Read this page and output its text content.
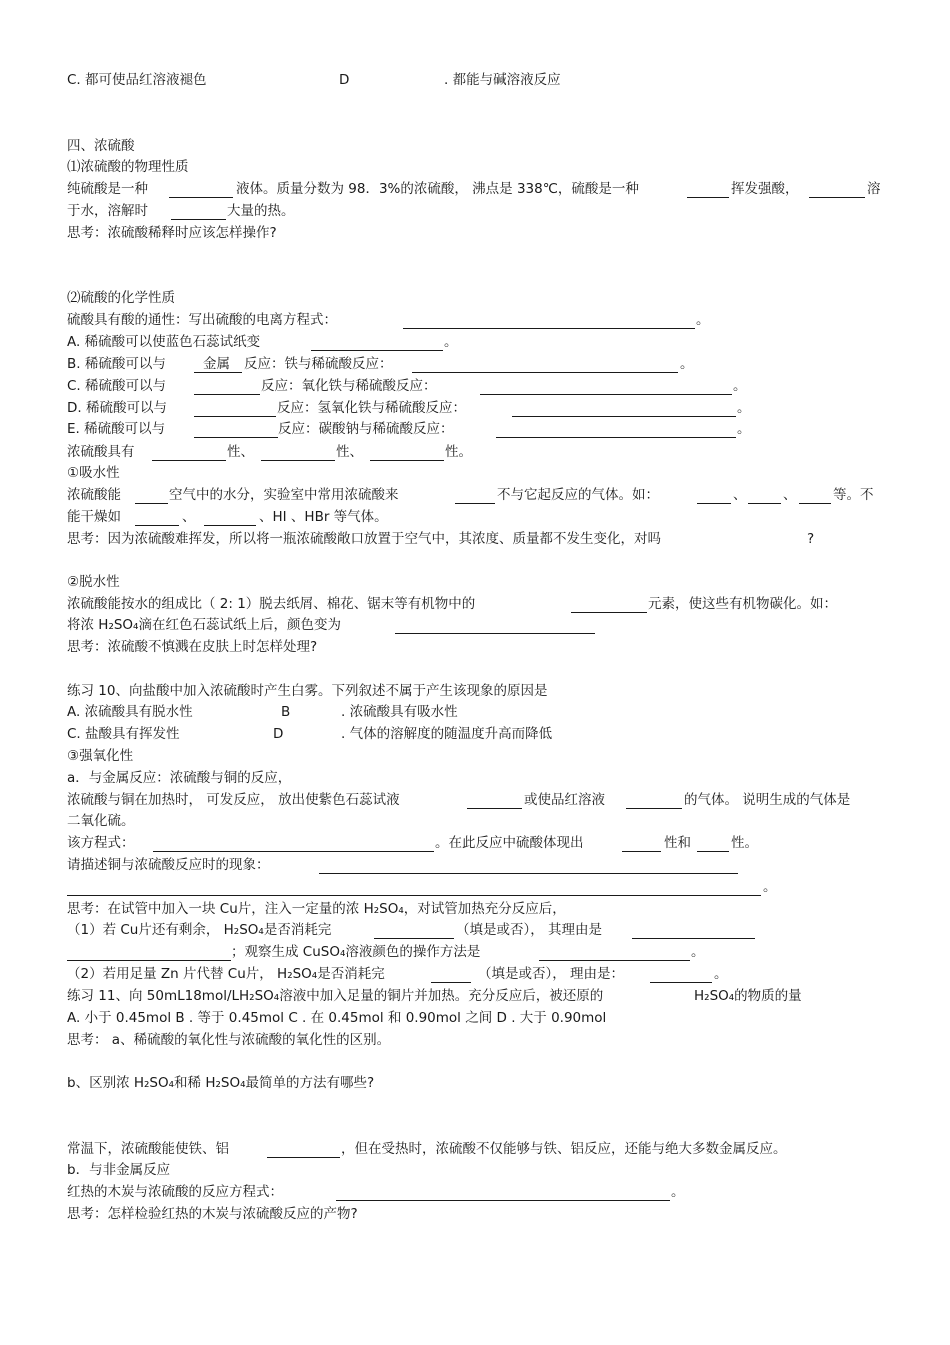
C. 都可使品红溶液褪色	D	. 都能与碱溶液反应
四、浓硫酸
⑴浓硫酸的物理性质
纯硫酸是一种	液体。质量分数为 98．3%的浓硫酸， 沸点是 338℃，硫酸是一种	挥发强酸，	溶
于水，溶解时	大量的热。
思考：浓硫酸稀释时应该怎样操作?
⑵硫酸的化学性质
硫酸具有酸的通性：写出硫酸的电离方程式：	。
A. 稀硫酸可以使蓝色石蕊试纸变	。
B. 稀硫酸可以与	金属 反应：铁与稀硫酸反应：	。
C. 稀硫酸可以与	反应：氧化铁与稀硫酸反应：	。
D. 稀硫酸可以与	反应：氢氧化铁与稀硫酸反应：	。
E. 稀硫酸可以与	反应：碳酸钠与稀硫酸反应：	。
浓硫酸具有	性、	性、	性。
①吸水性
浓硫酸能	空气中的水分，实验室中常用浓硫酸来	不与它起反应的气体。如：	、	、	等。不
能干燥如	、	、HI 、HBr 等气体。
思考：因为浓硫酸难挥发，所以将一瓶浓硫酸敞口放置于空气中，其浓度、质量都不发生变化，对吗	?
②脱水性
浓硫酸能按水的组成比（ 2: 1）脱去纸屑、棉花、锯末等有机物中的	元素，使这些有机物碳化。如：
将浓 H₂SO₄滴在红色石蕊试纸上后，颜色变为
思考：浓硫酸不慎溅在皮肤上时怎样处理?
练习 10、向盐酸中加入浓硫酸时产生白雾。下列叙述不属于产生该现象的原因是
A. 浓硫酸具有脱水性	B	. 浓硫酸具有吸水性
C. 盐酸具有挥发性	D	. 气体的溶解度的随温度升高而降低
③强氧化性
a．与金属反应：浓硫酸与铜的反应，
浓硫酸与铜在加热时， 可发反应， 放出使紫色石蕊试液	或使品红溶液	的气体。 说明生成的气体是
二氧化硫。
该方程式：	。在此反应中硫酸体现出	性和	性。
请描述铜与浓硫酸反应时的现象：
。
思考：在试管中加入一块 Cu片，注入一定量的浓 H₂SO₄，对试管加热充分反应后，
（1）若 Cu片还有剩余， H₂SO₄是否消耗完	（填是或否）， 其理由是
；观察生成 CuSO₄溶液颜色的操作方法是	。
（2）若用足量 Zn 片代替 Cu片， H₂SO₄是否消耗完	（填是或否）， 理由是：	。
练习 11、向 50mL18mol/LH₂SO₄溶液中加入足量的铜片并加热。充分反应后，被还原的	H₂SO₄的物质的量
A. 小于 0.45mol B . 等于 0.45mol C . 在 0.45mol 和 0.90mol 之间 D . 大于 0.90mol
思考： a、稀硫酸的氧化性与浓硫酸的氧化性的区别。
b、区别浓 H₂SO₄和稀 H₂SO₄最简单的方法有哪些?
常温下，浓硫酸能使铁、铝	，但在受热时，浓硫酸不仅能够与铁、铝反应，还能与绝大多数金属反应。
b．与非金属反应
红热的木炭与浓硫酸的反应方程式：	。
思考：怎样检验红热的木炭与浓硫酸反应的产物?
